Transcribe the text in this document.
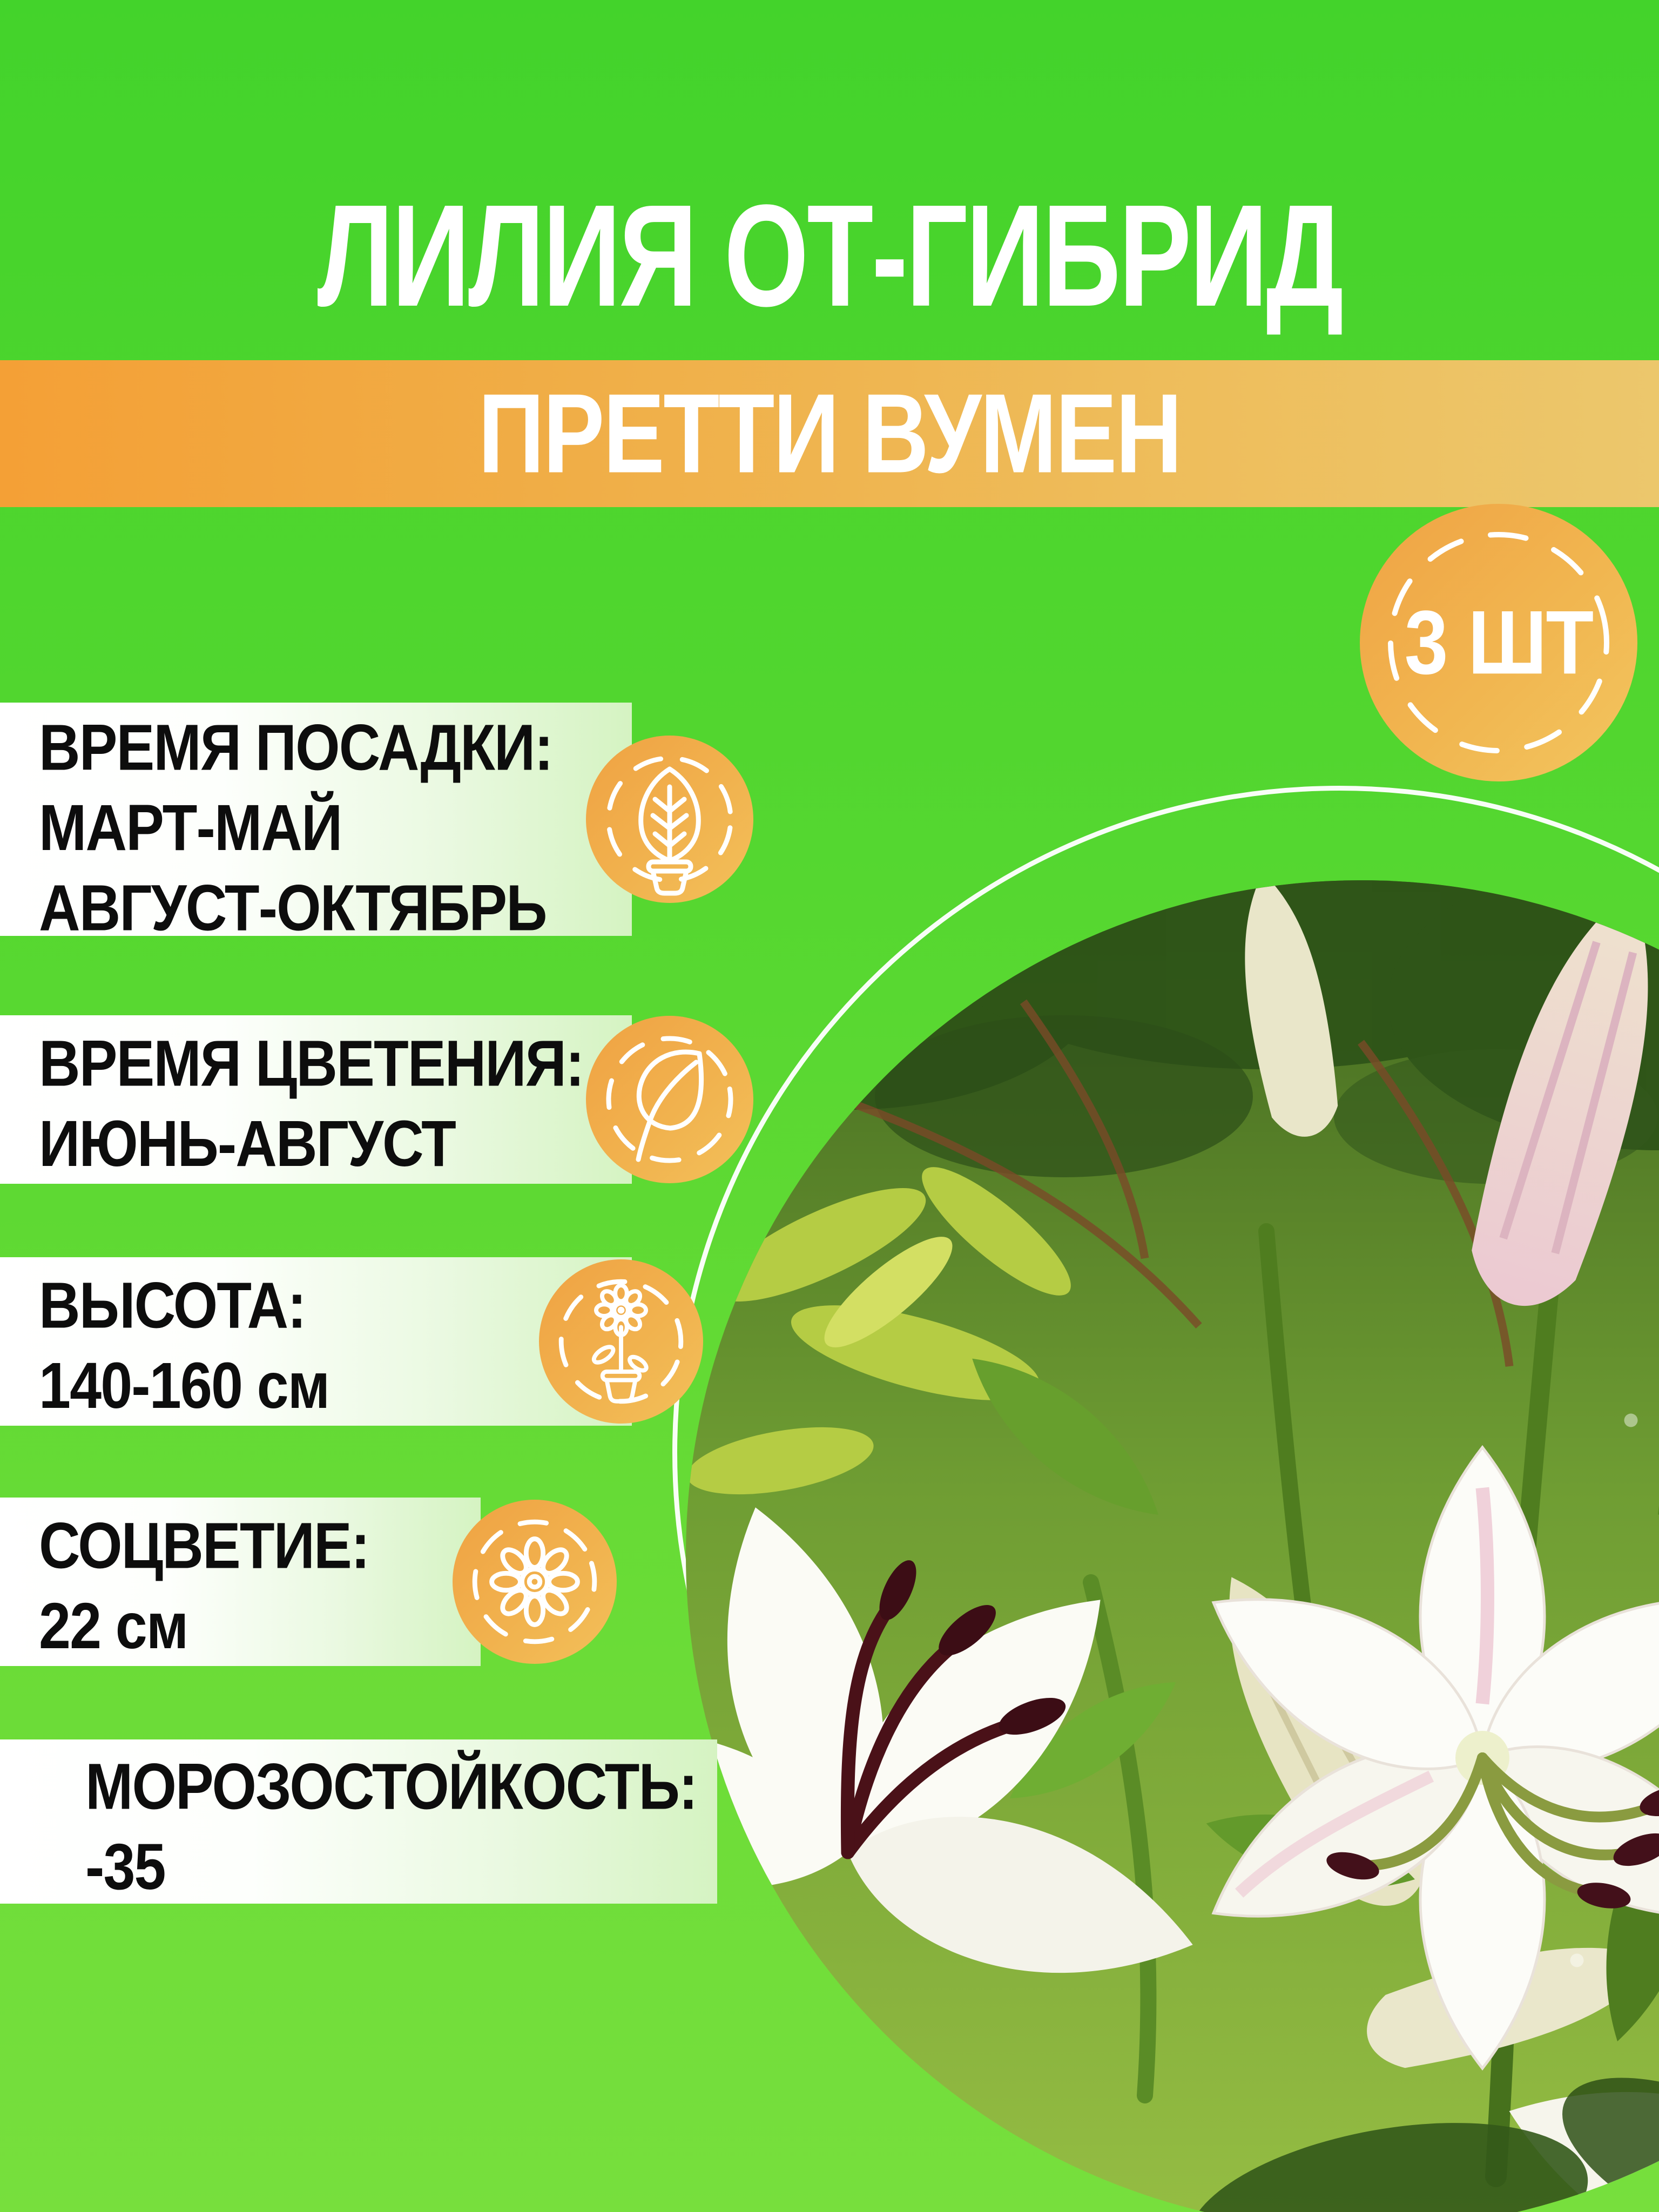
ЛИЛИЯ ОТ-ГИБРИД
ПРЕТТИ ВУМЕН
3 ШТ
ВРЕМЯ ПОСАДКИ:
МАРТ-МАЙ
АВГУСТ-ОКТЯБРЬ
ВРЕМЯ ЦВЕТЕНИЯ:
ИЮНЬ-АВГУСТ
ВЫСОТА:
140-160 см
СОЦВЕТИЕ:
22 см
МОРОЗОСТОЙКОСТЬ:
-35
